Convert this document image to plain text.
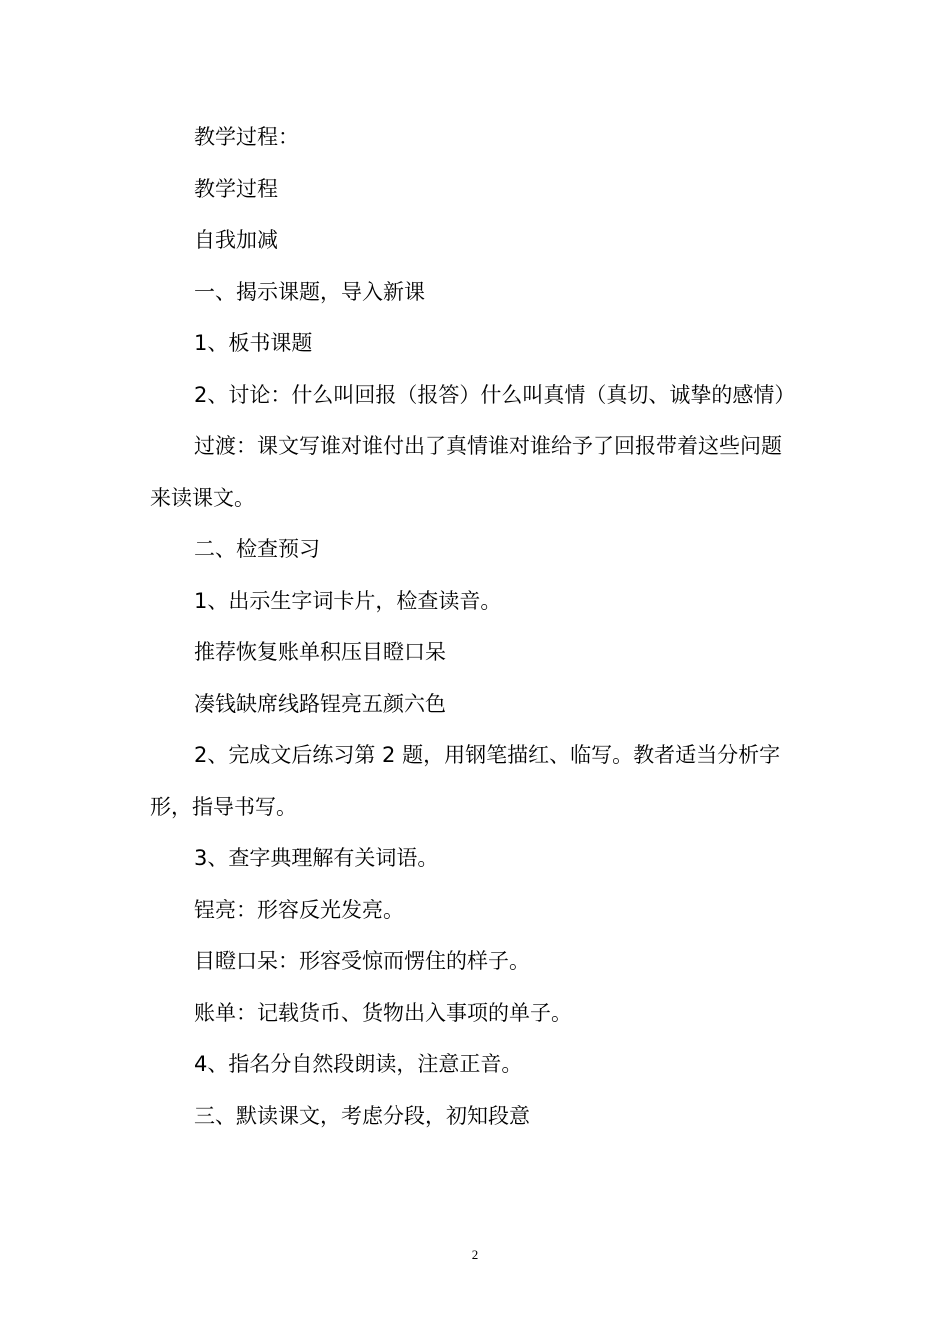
教学过程：

教学过程

自我加减

一、揭示课题，导入新课

1、板书课题

2、讨论：什么叫回报（报答）什么叫真情（真切、诚挚的感情）

过渡：课文写谁对谁付出了真情谁对谁给予了回报带着这些问题来读课文。

二、检查预习

1、出示生字词卡片，检查读音。

推荐恢复账单积压目瞪口呆

凑钱缺席线路锃亮五颜六色

2、完成文后练习第 2 题，用钢笔描红、临写。教者适当分析字形，指导书写。

3、查字典理解有关词语。

锃亮：形容反光发亮。

目瞪口呆：形容受惊而愣住的样子。

账单：记载货币、货物出入事项的单子。

4、指名分自然段朗读，注意正音。

三、默读课文，考虑分段，初知段意

2
